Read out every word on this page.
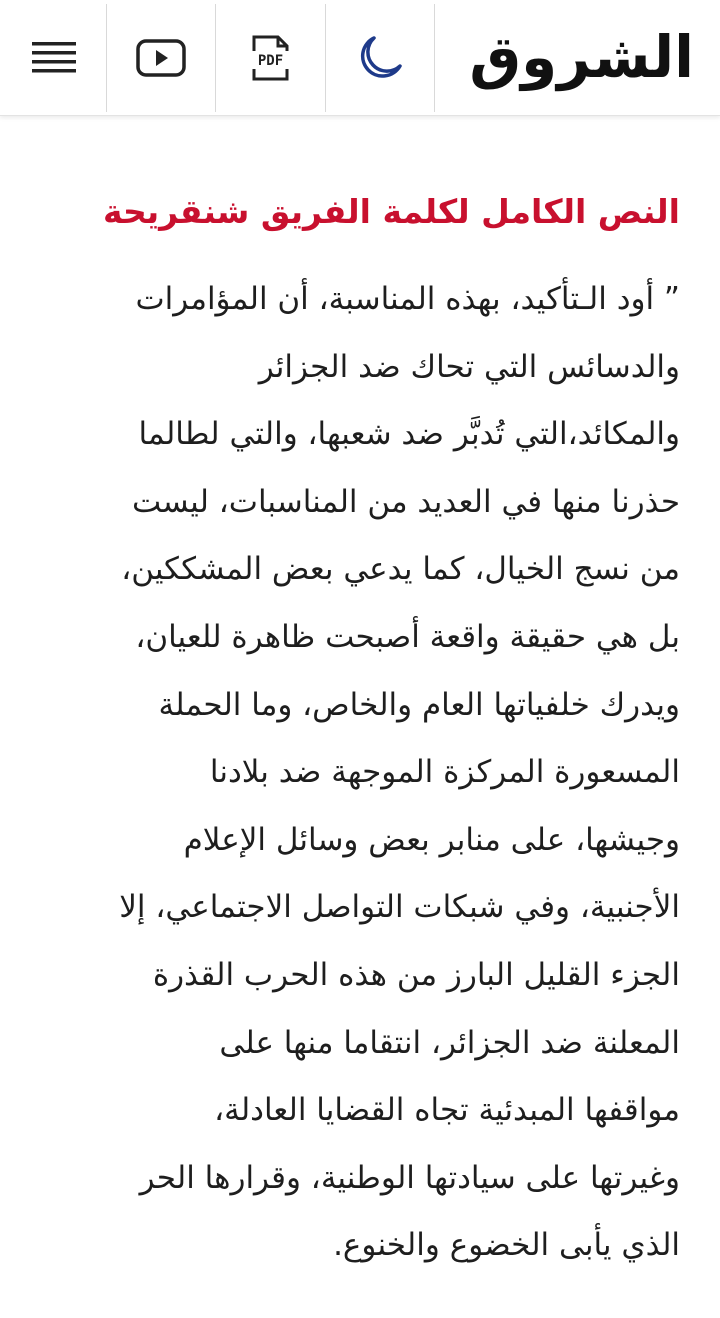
PDF	الشروق
النص الكامل لكلمة الفريق شنقريحة
” أود الـتأكيد، بهذه المناسبة، أن المؤامرات
والدسائس التي تحاك ضد الجزائر
والمكائد،التي تُدبَّر ضد شعبها، والتي لطالما
حذرنا منها في العديد من المناسبات، ليست
من نسج الخيال، كما يدعي بعض المشككين،
بل هي حقيقة واقعة أصبحت ظاهرة للعيان،
ويدرك خلفياتها العام والخاص، وما الحملة
المسعورة المركزة الموجهة ضد بلادنا
وجيشها، على منابر بعض وسائل الإعلام
الأجنبية، وفي شبكات التواصل الاجتماعي، إلا
الجزء القليل البارز من هذه الحرب القذرة
المعلنة ضد الجزائر، انتقاما منها على
مواقفها المبدئية تجاه القضايا العادلة،
وغيرتها على سيادتها الوطنية، وقرارها الحر
الذي يأبى الخضوع والخنوع.
